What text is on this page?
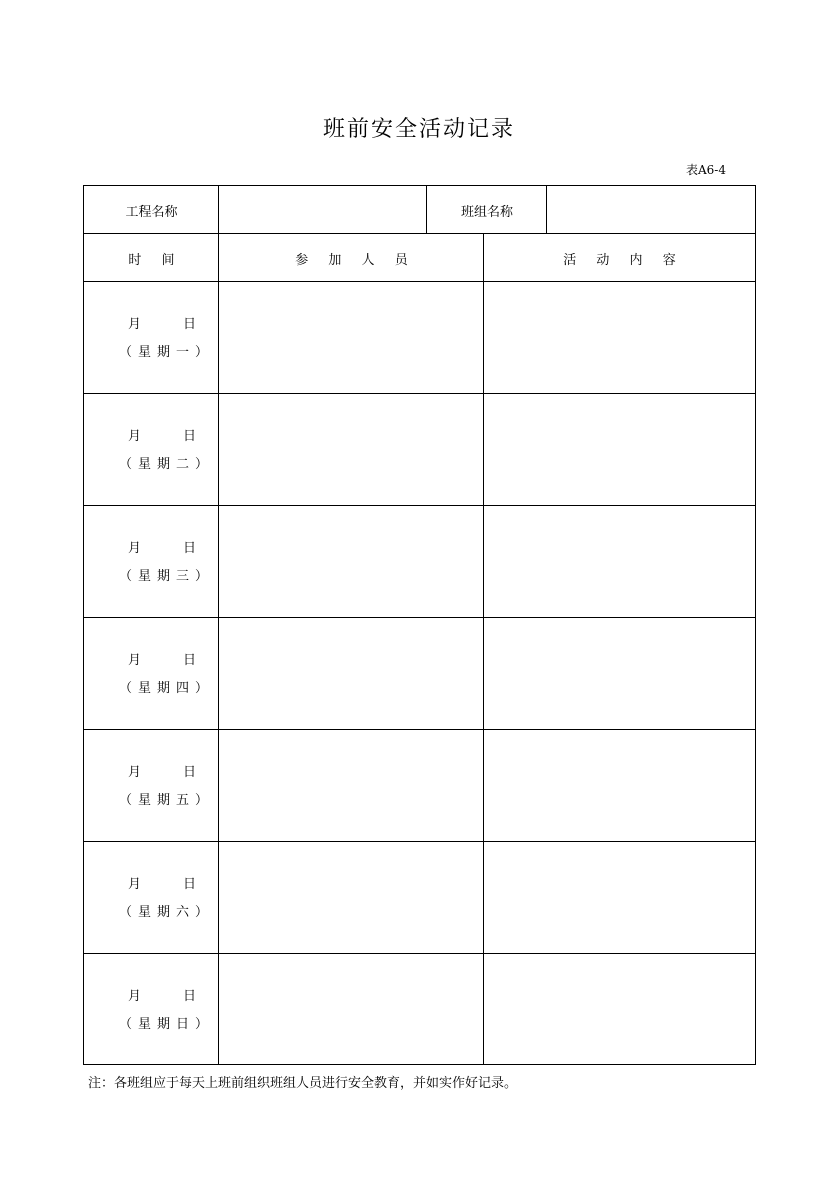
班前安全活动记录
表A6-4
工程名称	班组名称
时 间	参 加 人 员	活 动 内 容
月	日
（星期一）
月	日
（星期二）
月	日
（星期三）
月	日
（星期四）
月	日
（星期五）
月	日
（星期六）
月	日
（星期日）
注：各班组应于每天上班前组织班组人员进行安全教育，并如实作好记录。
